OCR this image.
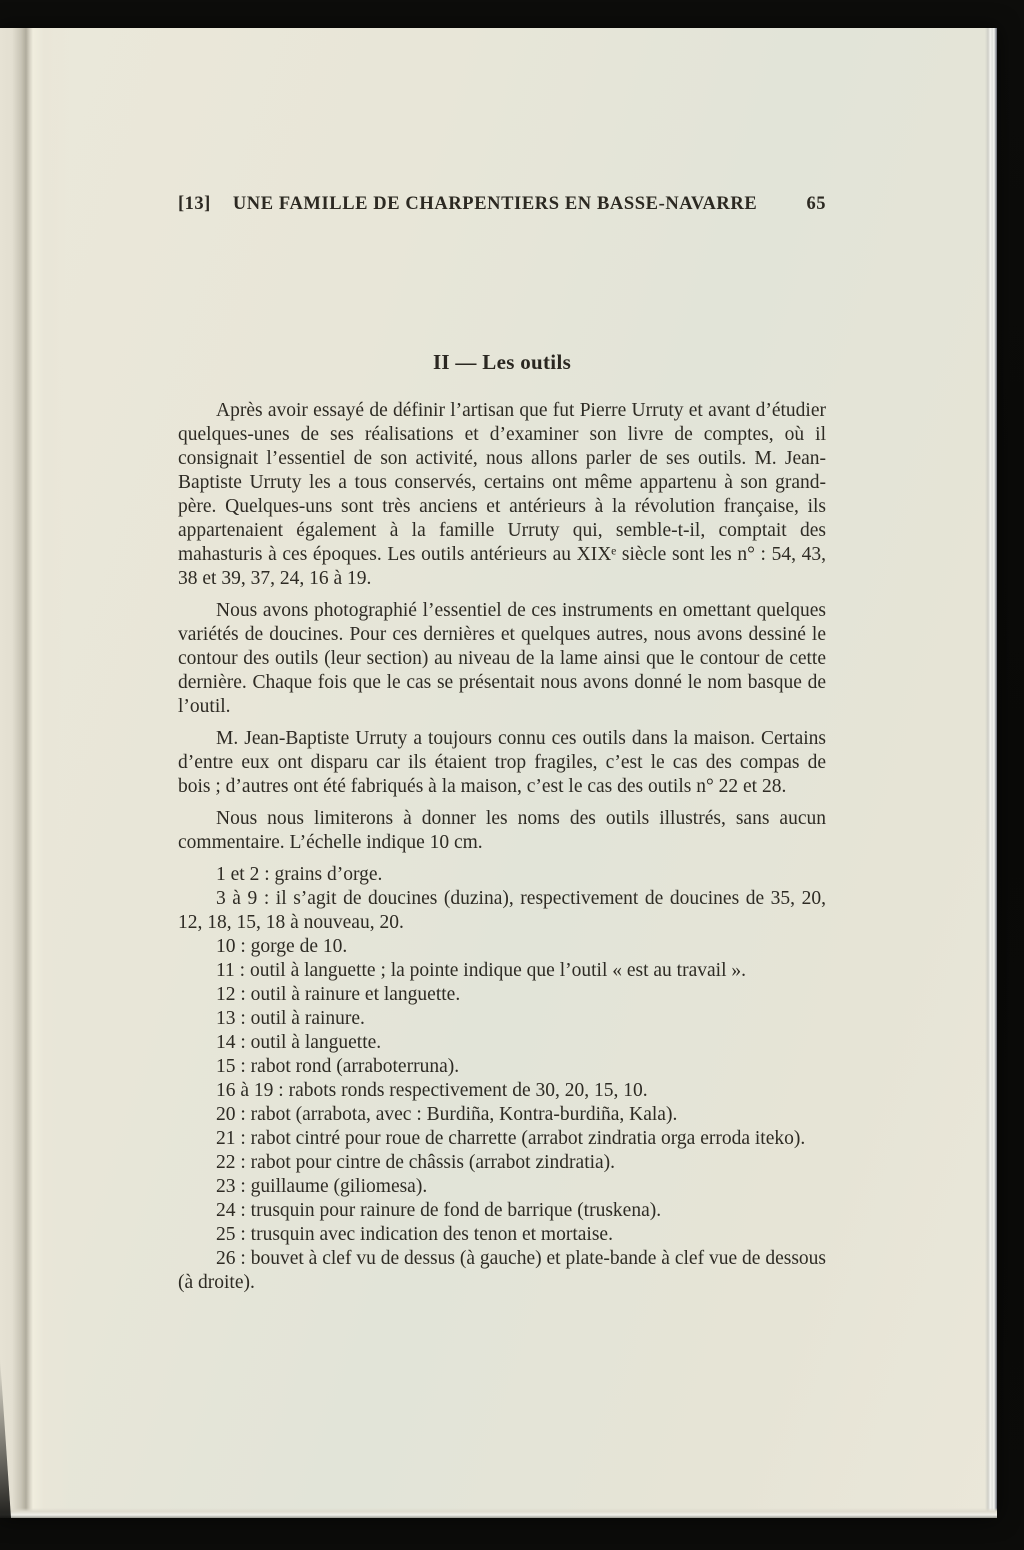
[13] UNE FAMILLE DE CHARPENTIERS EN BASSE-NAVARRE	65
II — Les outils

Après avoir essayé de définir l’artisan que fut Pierre Urruty et avant d’étudier quelques-unes de ses réalisations et d’examiner son livre de comptes, où il consignait l’essentiel de son activité, nous allons parler de ses outils. M. Jean-Baptiste Urruty les a tous conservés, certains ont même appartenu à son grand-père. Quelques-uns sont très anciens et antérieurs à la révolution française, ils appartenaient également à la famille Urruty qui, semble-t-il, comptait des mahasturis à ces époques. Les outils antérieurs au XIXᵉ siècle sont les n° : 54, 43, 38 et 39, 37, 24, 16 à 19.

Nous avons photographié l’essentiel de ces instruments en omettant quelques variétés de doucines. Pour ces dernières et quelques autres, nous avons dessiné le contour des outils (leur section) au niveau de la lame ainsi que le contour de cette dernière. Chaque fois que le cas se présentait nous avons donné le nom basque de l’outil.

M. Jean-Baptiste Urruty a toujours connu ces outils dans la maison. Certains d’entre eux ont disparu car ils étaient trop fragiles, c’est le cas des compas de bois ; d’autres ont été fabriqués à la maison, c’est le cas des outils n° 22 et 28.

Nous nous limiterons à donner les noms des outils illustrés, sans aucun commentaire. L’échelle indique 10 cm.

1 et 2 : grains d’orge.

3 à 9 : il s’agit de doucines (duzina), respectivement de doucines de 35, 20, 12, 18, 15, 18 à nouveau, 20.

10 : gorge de 10.

11 : outil à languette ; la pointe indique que l’outil « est au travail ».

12 : outil à rainure et languette.

13 : outil à rainure.

14 : outil à languette.

15 : rabot rond (arraboterruna).

16 à 19 : rabots ronds respectivement de 30, 20, 15, 10.

20 : rabot (arrabota, avec : Burdiña, Kontra-burdiña, Kala).

21 : rabot cintré pour roue de charrette (arrabot zindratia orga erroda iteko).

22 : rabot pour cintre de châssis (arrabot zindratia).

23 : guillaume (giliomesa).

24 : trusquin pour rainure de fond de barrique (truskena).

25 : trusquin avec indication des tenon et mortaise.

26 : bouvet à clef vu de dessus (à gauche) et plate-bande à clef vue de dessous (à droite).
